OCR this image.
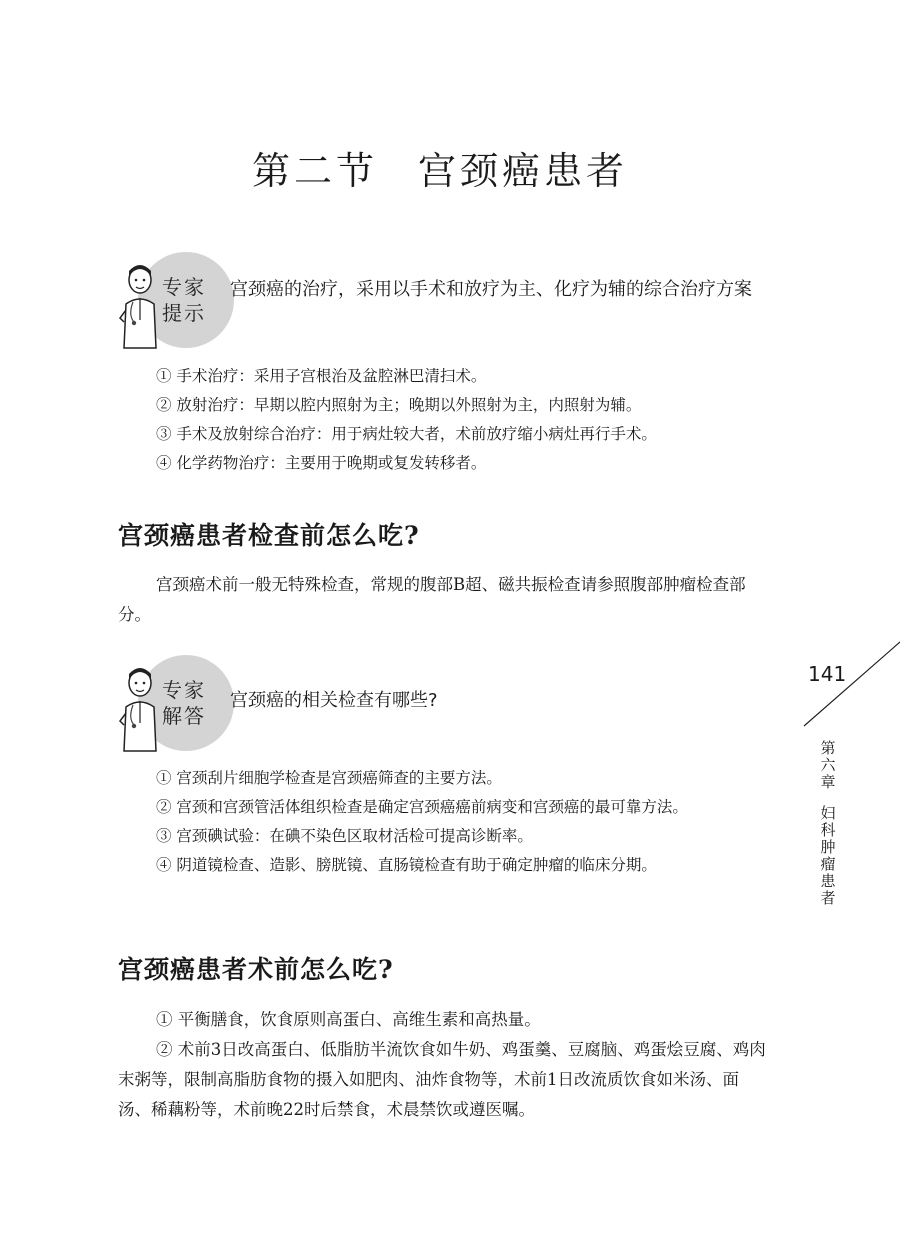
第二节 宫颈癌患者
专家
提示
宫颈癌的治疗，采用以手术和放疗为主、化疗为辅的综合治疗方案

① 手术治疗：采用子宫根治及盆腔淋巴清扫术。

② 放射治疗：早期以腔内照射为主；晚期以外照射为主，内照射为辅。

③ 手术及放射综合治疗：用于病灶较大者，术前放疗缩小病灶再行手术。

④ 化学药物治疗：主要用于晚期或复发转移者。

宫颈癌患者检查前怎么吃?

宫颈癌术前一般无特殊检查，常规的腹部B超、磁共振检查请参照腹部肿瘤检查部分。

专家
解答
宫颈癌的相关检查有哪些?

① 宫颈刮片细胞学检查是宫颈癌筛查的主要方法。

② 宫颈和宫颈管活体组织检查是确定宫颈癌癌前病变和宫颈癌的最可靠方法。

③ 宫颈碘试验：在碘不染色区取材活检可提高诊断率。

④ 阴道镜检查、造影、膀胱镜、直肠镜检查有助于确定肿瘤的临床分期。

宫颈癌患者术前怎么吃?

① 平衡膳食，饮食原则高蛋白、高维生素和高热量。

② 术前3日改高蛋白、低脂肪半流饮食如牛奶、鸡蛋羹、豆腐脑、鸡蛋烩豆腐、鸡肉末粥等，限制高脂肪食物的摄入如肥肉、油炸食物等，术前1日改流质饮食如米汤、面汤、稀藕粉等，术前晚22时后禁食，术晨禁饮或遵医嘱。

141
第六章
妇科肿瘤患者
